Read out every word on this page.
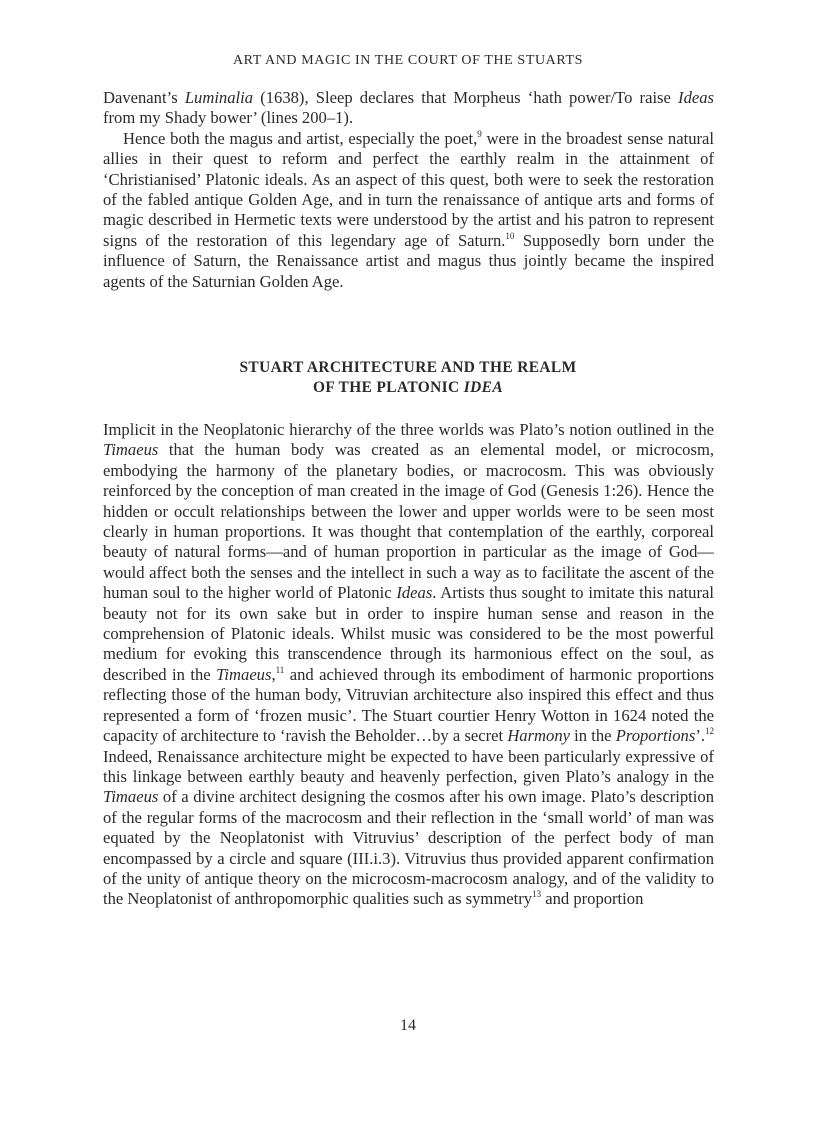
ART AND MAGIC IN THE COURT OF THE STUARTS

Davenant’s Luminalia (1638), Sleep declares that Morpheus ‘hath power/To raise Ideas from my Shady bower’ (lines 200–1).

Hence both the magus and artist, especially the poet,$^9$ were in the broadest sense natural allies in their quest to reform and perfect the earthly realm in the attainment of ‘Christianised’ Platonic ideals. As an aspect of this quest, both were to seek the restoration of the fabled antique Golden Age, and in turn the renaissance of antique arts and forms of magic described in Hermetic texts were understood by the artist and his patron to represent signs of the restoration of this legendary age of Saturn.$^{10}$ Supposedly born under the influence of Saturn, the Renaissance artist and magus thus jointly became the inspired agents of the Saturnian Golden Age.

STUART ARCHITECTURE AND THE REALM
OF THE PLATONIC IDEA

Implicit in the Neoplatonic hierarchy of the three worlds was Plato’s notion outlined in the Timaeus that the human body was created as an elemental model, or microcosm, embodying the harmony of the planetary bodies, or macrocosm. This was obviously reinforced by the conception of man created in the image of God (Genesis 1:26). Hence the hidden or occult relationships between the lower and upper worlds were to be seen most clearly in human proportions. It was thought that contemplation of the earthly, corporeal beauty of natural forms—and of human proportion in particular as the image of God—would affect both the senses and the intellect in such a way as to facilitate the ascent of the human soul to the higher world of Platonic Ideas. Artists thus sought to imitate this natural beauty not for its own sake but in order to inspire human sense and reason in the comprehension of Platonic ideals. Whilst music was considered to be the most powerful medium for evoking this transcendence through its harmonious effect on the soul, as described in the Timaeus,$^{11}$ and achieved through its embodiment of harmonic proportions reflecting those of the human body, Vitruvian architecture also inspired this effect and thus represented a form of ‘frozen music’. The Stuart courtier Henry Wotton in 1624 noted the capacity of architecture to ‘ravish the Beholder…by a secret Harmony in the Proportions’.$^{12}$ Indeed, Renaissance architecture might be expected to have been particularly expressive of this linkage between earthly beauty and heavenly perfection, given Plato’s analogy in the Timaeus of a divine architect designing the cosmos after his own image. Plato’s description of the regular forms of the macrocosm and their reflection in the ‘small world’ of man was equated by the Neoplatonist with Vitruvius’ description of the perfect body of man encompassed by a circle and square (III.i.3). Vitruvius thus provided apparent confirmation of the unity of antique theory on the microcosm-macrocosm analogy, and of the validity to the Neoplatonist of anthropomorphic qualities such as symmetry$^{13}$ and proportion

14
